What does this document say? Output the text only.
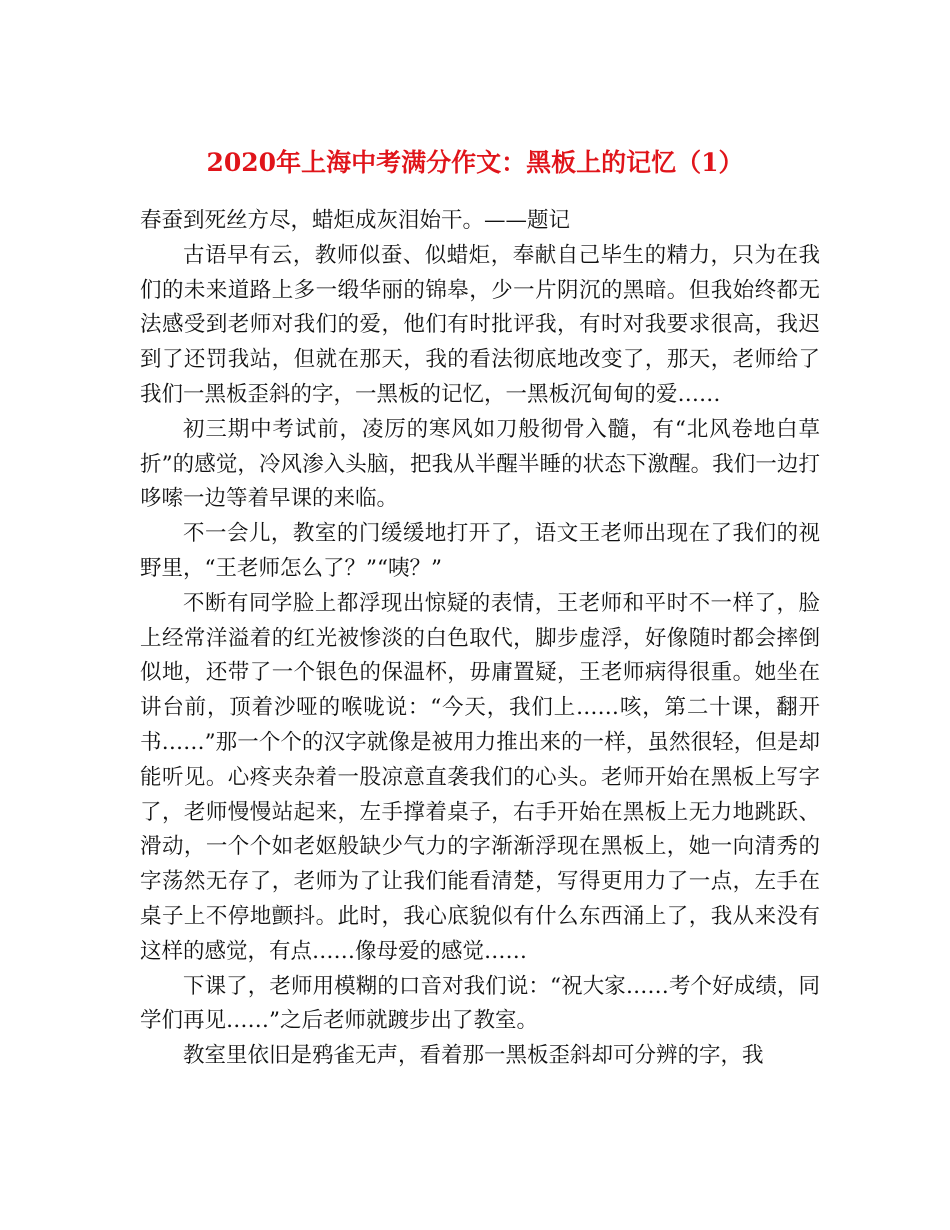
2020年上海中考满分作文：黑板上的记忆（1）

春蚕到死丝方尽，蜡炬成灰泪始干。——题记

古语早有云，教师似蚕、似蜡炬，奉献自己毕生的精力，只为在我们的未来道路上多一缎华丽的锦皋，少一片阴沉的黑暗。但我始终都无法感受到老师对我们的爱，他们有时批评我，有时对我要求很高，我迟到了还罚我站，但就在那天，我的看法彻底地改变了，那天，老师给了我们一黑板歪斜的字，一黑板的记忆，一黑板沉甸甸的爱……

初三期中考试前，凌厉的寒风如刀般彻骨入髓，有“北风卷地白草折”的感觉，冷风渗入头脑，把我从半醒半睡的状态下激醒。我们一边打哆嗦一边等着早课的来临。

不一会儿，教室的门缓缓地打开了，语文王老师出现在了我们的视野里，“王老师怎么了？”“咦？”

不断有同学脸上都浮现出惊疑的表情，王老师和平时不一样了，脸上经常洋溢着的红光被惨淡的白色取代，脚步虚浮，好像随时都会摔倒似地，还带了一个银色的保温杯，毋庸置疑，王老师病得很重。她坐在讲台前，顶着沙哑的喉咙说：“今天，我们上……咳，第二十课，翻开书……”那一个个的汉字就像是被用力推出来的一样，虽然很轻，但是却能听见。心疼夹杂着一股凉意直袭我们的心头。老师开始在黑板上写字了，老师慢慢站起来，左手撑着桌子，右手开始在黑板上无力地跳跃、滑动，一个个如老妪般缺少气力的字渐渐浮现在黑板上，她一向清秀的字荡然无存了，老师为了让我们能看清楚，写得更用力了一点，左手在桌子上不停地颤抖。此时，我心底貌似有什么东西涌上了，我从来没有这样的感觉，有点……像母爱的感觉……

下课了，老师用模糊的口音对我们说：“祝大家……考个好成绩，同学们再见……”之后老师就踱步出了教室。

教室里依旧是鸦雀无声，看着那一黑板歪斜却可分辨的字，我
